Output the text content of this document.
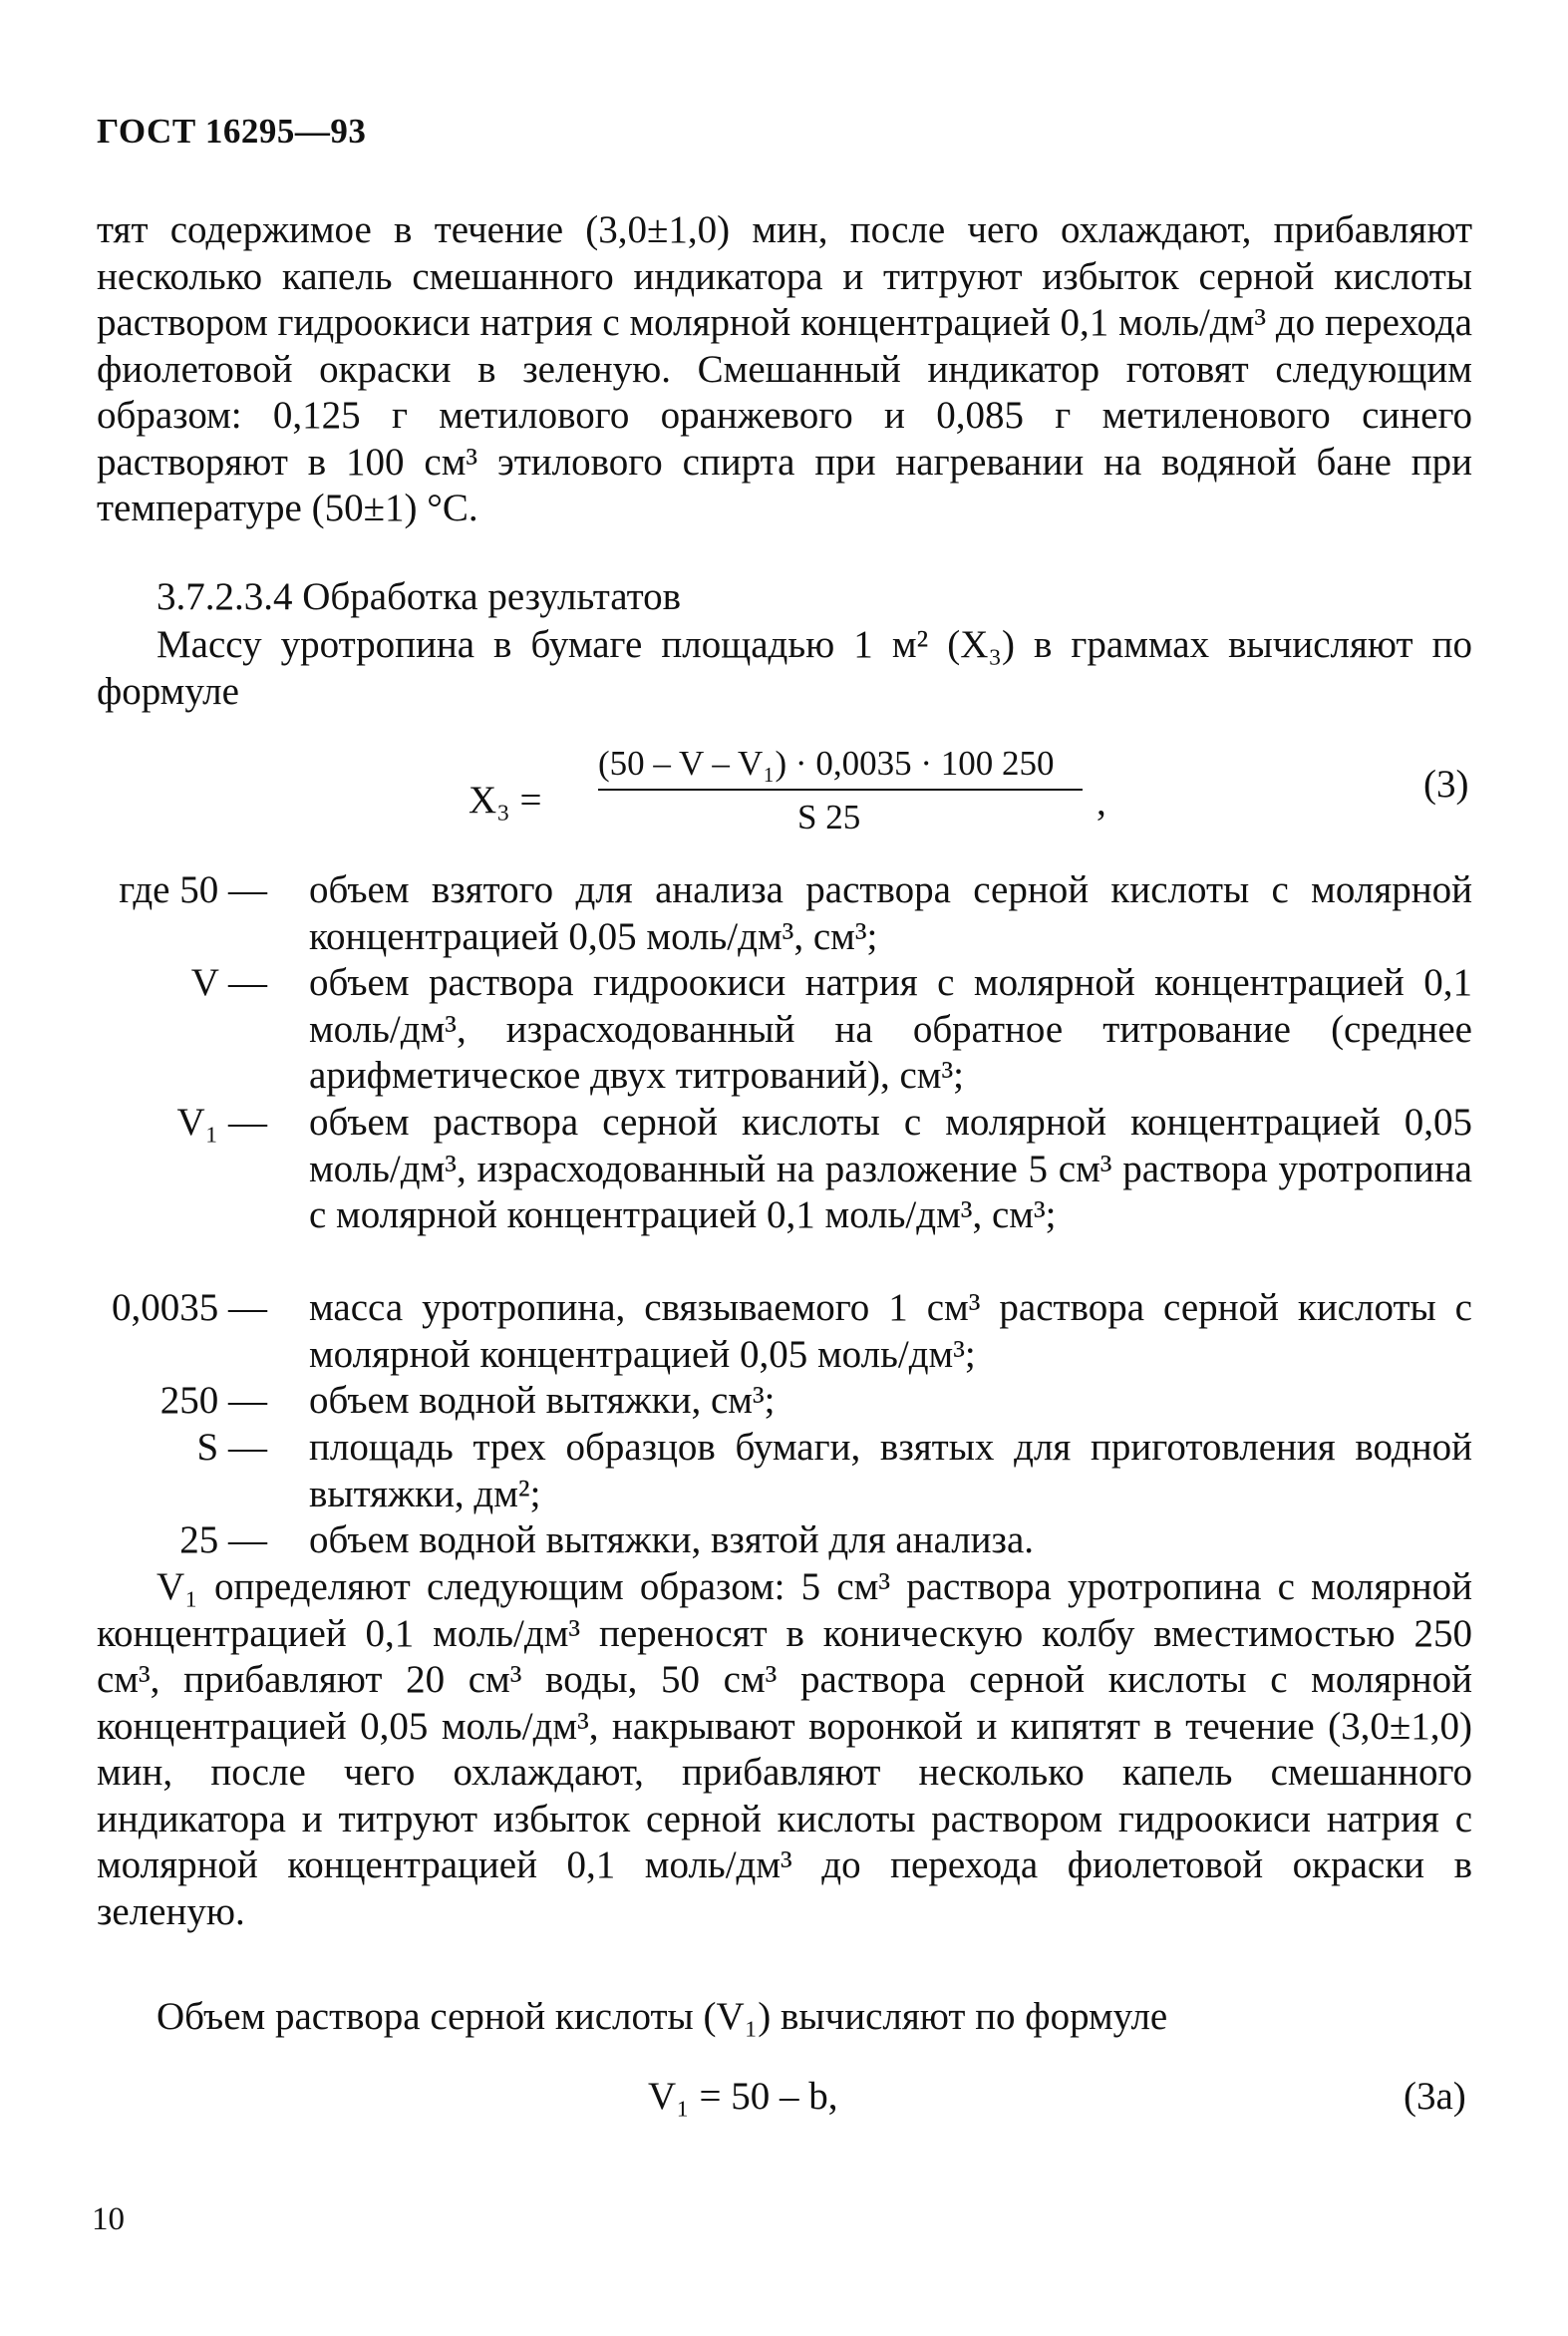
ГОСТ 16295—93
тят содержимое в течение (3,0±1,0) мин, после чего охлаждают, прибавляют несколько капель смешанного индикатора и титруют избыток серной кислоты раствором гидроокиси натрия с молярной концентрацией 0,1 моль/дм³ до перехода фиолетовой окраски в зеленую. Смешанный индикатор готовят следующим образом: 0,125 г метилового оранжевого и 0,085 г метиленового синего растворяют в 100 см³ этилового спирта при нагревании на водяной бане при температуре (50±1) °С.
3.7.2.3.4 Обработка результатов
Массу уротропина в бумаге площадью 1 м² (X₃) в граммах вычисляют по формуле
X₃ =
(50 – V – V₁) · 0,0035 · 100 250
S 25	,	(3)
где 50 — объем взятого для анализа раствора серной кислоты с молярной концентрацией 0,05 моль/дм³, см³;
V — объем раствора гидроокиси натрия с молярной концентрацией 0,1 моль/дм³, израсходованный на обратное титрование (среднее арифметическое двух титрований), см³;
V₁ — объем раствора серной кислоты с молярной концентрацией 0,05 моль/дм³, израсходованный на разложение 5 см³ раствора уротропина с молярной концентрацией 0,1 моль/дм³, см³;
0,0035 — масса уротропина, связываемого 1 см³ раствора серной кислоты с молярной концентрацией 0,05 моль/дм³;
250 — объем водной вытяжки, см³;
S — площадь трех образцов бумаги, взятых для приготовления водной вытяжки, дм²;
25 — объем водной вытяжки, взятой для анализа.
V₁ определяют следующим образом: 5 см³ раствора уротропина с молярной концентрацией 0,1 моль/дм³ переносят в коническую колбу вместимостью 250 см³, прибавляют 20 см³ воды, 50 см³ раствора серной кислоты с молярной концентрацией 0,05 моль/дм³, накрывают воронкой и кипятят в течение (3,0±1,0) мин, после чего охлаждают, прибавляют несколько капель смешанного индикатора и титруют избыток серной кислоты раствором гидроокиси натрия с молярной концентрацией 0,1 моль/дм³ до перехода фиолетовой окраски в зеленую.
Объем раствора серной кислоты (V₁) вычисляют по формуле
V₁ = 50 – b,	(3а)
10
